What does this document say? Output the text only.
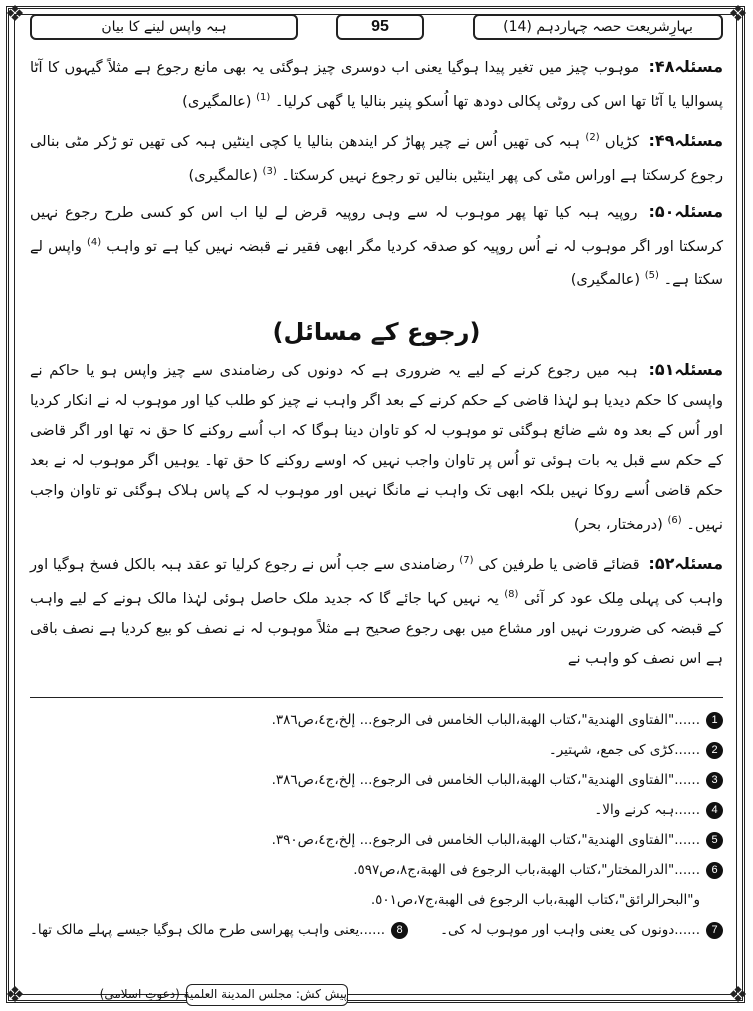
❖	❖
❖	❖
بہارِشریعت حصہ چہاردہم (14)
95
ہبہ واپس لینے کا بیان

مسئلہ۴۸: موہوب چیز میں تغیر پیدا ہوگیا یعنی اب دوسری چیز ہوگئی یہ بھی مانع رجوع ہے مثلاً گیہوں کا آٹا پسوالیا یا آٹا تھا اس کی روٹی پکالی دودھ تھا اُسکو پنیر بنالیا یا گھی کرلیا۔ $^{(1)}$ (عالمگیری)

مسئلہ۴۹: کڑیاں $^{(2)}$ ہبہ کی تھیں اُس نے چیر پھاڑ کر ایندھن بنالیا یا کچی اینٹیں ہبہ کی تھیں تو ڑکر مٹی بنالی رجوع کرسکتا ہے اوراس مٹی کی پھر اینٹیں بنالیں تو رجوع نہیں کرسکتا۔ $^{(3)}$ (عالمگیری)

مسئلہ۵۰: روپیہ ہبہ کیا تھا پھر موہوب لہ سے وہی روپیہ قرض لے لیا اب اس کو کسی طرح رجوع نہیں کرسکتا اور اگر موہوب لہ نے اُس روپیہ کو صدقہ کردیا مگر ابھی فقیر نے قبضہ نہیں کیا ہے تو واہب $^{(4)}$ واپس لے سکتا ہے۔ $^{(5)}$ (عالمگیری)

(رجوع کے مسائل)

مسئلہ۵۱: ہبہ میں رجوع کرنے کے لیے یہ ضروری ہے کہ دونوں کی رضامندی سے چیز واپس ہو یا حاکم نے واپسی کا حکم دیدیا ہو لہٰذا قاضی کے حکم کرنے کے بعد اگر واہب نے چیز کو طلب کیا اور موہوب لہ نے انکار کردیا اور اُس کے بعد وہ شے ضائع ہوگئی تو موہوب لہ کو تاوان دینا ہوگا کہ اب اُسے روکنے کا حق نہ تھا اور اگر قاضی کے حکم سے قبل یہ بات ہوئی تو اُس پر تاوان واجب نہیں کہ اوسے روکنے کا حق تھا۔ یوہیں اگر موہوب لہ نے بعد حکم قاضی اُسے روکا نہیں بلکہ ابھی تک واہب نے مانگا نہیں اور موہوب لہ کے پاس ہلاک ہوگئی تو تاوان واجب نہیں۔ $^{(6)}$ (درمختار، بحر)

مسئلہ۵۲: قضائے قاضی یا طرفین کی $^{(7)}$ رضامندی سے جب اُس نے رجوع کرلیا تو عقد ہبہ بالکل فسخ ہوگیا اور واہب کی پہلی مِلک عود کر آئی $^{(8)}$ یہ نہیں کہا جائے گا کہ جدید ملک حاصل ہوئی لہٰذا مالک ہونے کے لیے واہب کے قبضہ کی ضرورت نہیں اور مشاع میں بھی رجوع صحیح ہے مثلاً موہوب لہ نے نصف کو بیع کردیا ہے نصف باقی ہے اس نصف کو واہب نے

1
......"الفتاوی الهندية"،كتاب الهبة،الباب الخامس فی الرجوع... إلخ،ج٤،ص٣٨٦.
2
......کڑی کی جمع، شہتیر۔
3
......"الفتاوی الهندية"،كتاب الهبة،الباب الخامس فی الرجوع... إلخ،ج٤،ص٣٨٦.
4
......ہبہ کرنے والا۔
5
......"الفتاوی الهندية"،كتاب الهبة،الباب الخامس فی الرجوع... إلخ،ج٤،ص٣٩٠.
6
......"الدرالمختار"،كتاب الهبة،باب الرجوع فی الهبة،ج٨،ص٥٩٧.
و"البحرالرائق"،كتاب الهبة،باب الرجوع فی الهبة،ج٧،ص٥٠١.
7
......دونوں کی یعنی واہب اور موہوب لہ کی۔
8
......یعنی واہب پھراسی طرح مالک ہوگیا جیسے پہلے مالک تھا۔
پیش کش: مجلس المدينة العلمية (دعوتِ اسلامی)
